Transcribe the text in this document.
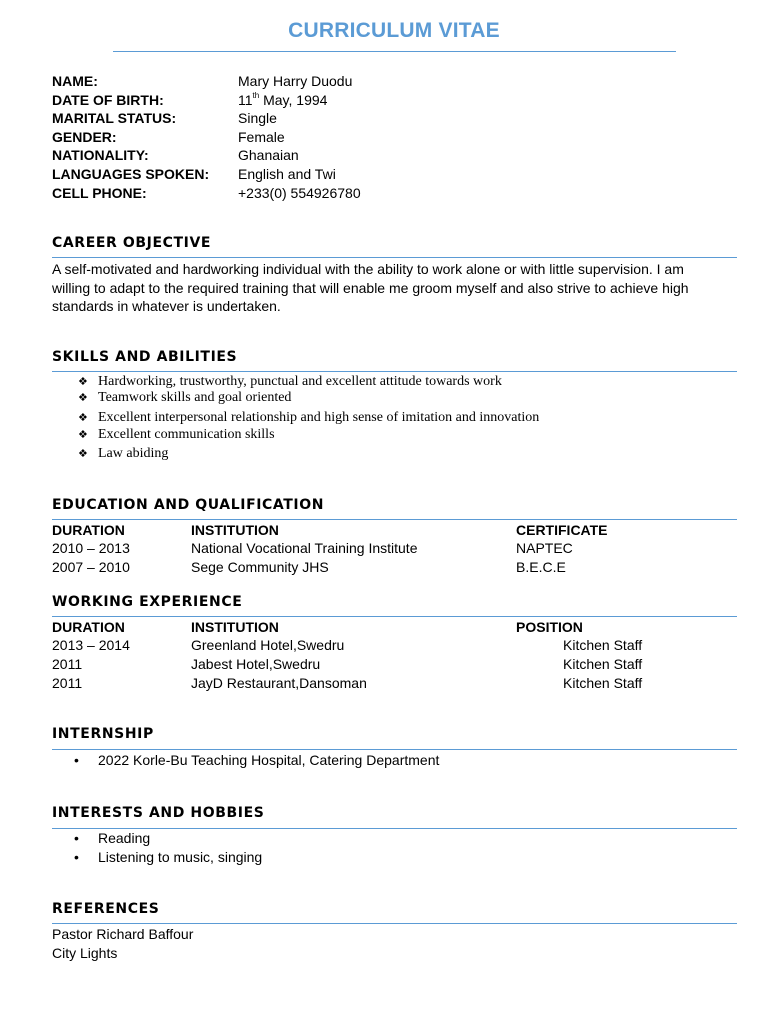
CURRICULUM VITAE
NAME:	Mary Harry Duodu
DATE OF BIRTH:	11th May, 1994
MARITAL STATUS:	Single
GENDER:	Female
NATIONALITY:	Ghanaian
LANGUAGES SPOKEN: English and Twi
CELL PHONE:	+233(0) 554926780
CAREER OBJECTIVE
A self-motivated and hardworking individual with the ability to work alone or with little supervision. I am
willing to adapt to the required training that will enable me groom myself and also strive to achieve high
standards in whatever is undertaken.
SKILLS AND ABILITIES
❖ Hardworking, trustworthy, punctual and excellent attitude towards work
❖ Teamwork skills and goal oriented
❖ Excellent interpersonal relationship and high sense of imitation and innovation
❖ Excellent communication skills
❖ Law abiding
EDUCATION AND QUALIFICATION
DURATION	INSTITUTION	CERTIFICATE
2010 – 2013	National Vocational Training Institute	NAPTEC
2007 – 2010	Sege Community JHS	B.E.C.E
WORKING EXPERIENCE
DURATION	INSTITUTION	POSITION
2013 – 2014	Greenland Hotel,Swedru	Kitchen Staff
2011	Jabest Hotel,Swedru	Kitchen Staff
2011	JayD Restaurant,Dansoman	Kitchen Staff
INTERNSHIP
• 2022 Korle-Bu Teaching Hospital, Catering Department
INTERESTS AND HOBBIES
• Reading
• Listening to music, singing
REFERENCES
Pastor Richard Baffour
City Lights
